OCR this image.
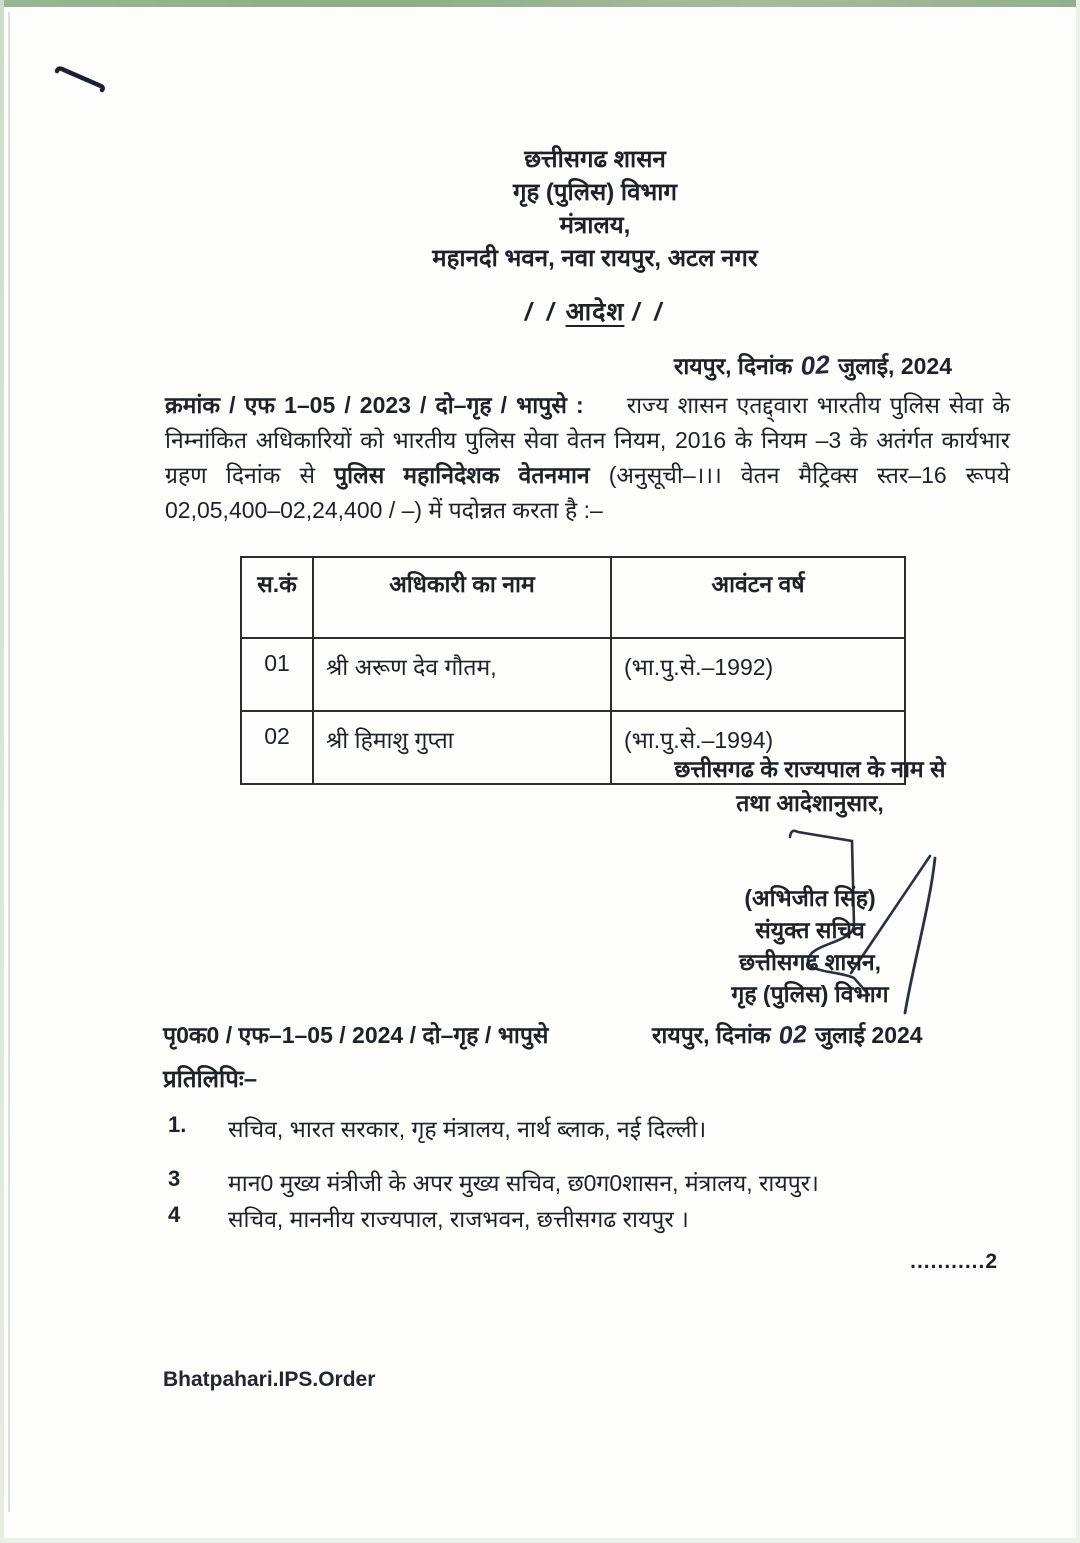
छत्तीसगढ शासन
गृह (पुलिस) विभाग
मंत्रालय,
महानदी भवन, नवा रायपुर, अटल नगर
/ / आदेश / /
रायपुर, दिनांक 02 जुलाई, 2024
क्रमांक / एफ 1–05 / 2023 / दो–गृह / भापुसे : राज्य शासन एतद्द्वारा भारतीय पुलिस सेवा के
निम्नांकित अधिकारियों को भारतीय पुलिस सेवा वेतन नियम, 2016 के नियम –3 के अतंर्गत कार्यभार
ग्रहण दिनांक से पुलिस महानिदेशक वेतनमान (अनुसूची–।।। वेतन मैट्रिक्स स्तर–16 रूपये
02,05,400–02,24,400 / –) में पदोन्नत करता है :–
स.कं	अधिकारी का नाम	आवंटन वर्ष
01	श्री अरूण देव गौतम,	(भा.पु.से.–1992)
02	श्री हिमाशु गुप्ता	(भा.पु.से.–1994)
छत्तीसगढ के राज्यपाल के नाम से
तथा आदेशानुसार,
(अभिजीत सिंह)
संयुक्त सचिव
छत्तीसगढ शासन,
गृह (पुलिस) विभाग
पृ0क0 / एफ–1–05 / 2024 / दो–गृह / भापुसे	रायपुर, दिनांक 02 जुलाई 2024
प्रतिलिपिः–
1. सचिव, भारत सरकार, गृह मंत्रालय, नार्थ ब्लाक, नई दिल्ली।
3 मान0 मुख्य मंत्रीजी के अपर मुख्य सचिव, छ0ग0शासन, मंत्रालय, रायपुर।
4 सचिव, माननीय राज्यपाल, राजभवन, छत्तीसगढ रायपुर ।
...........2
Bhatpahari.IPS.Order
